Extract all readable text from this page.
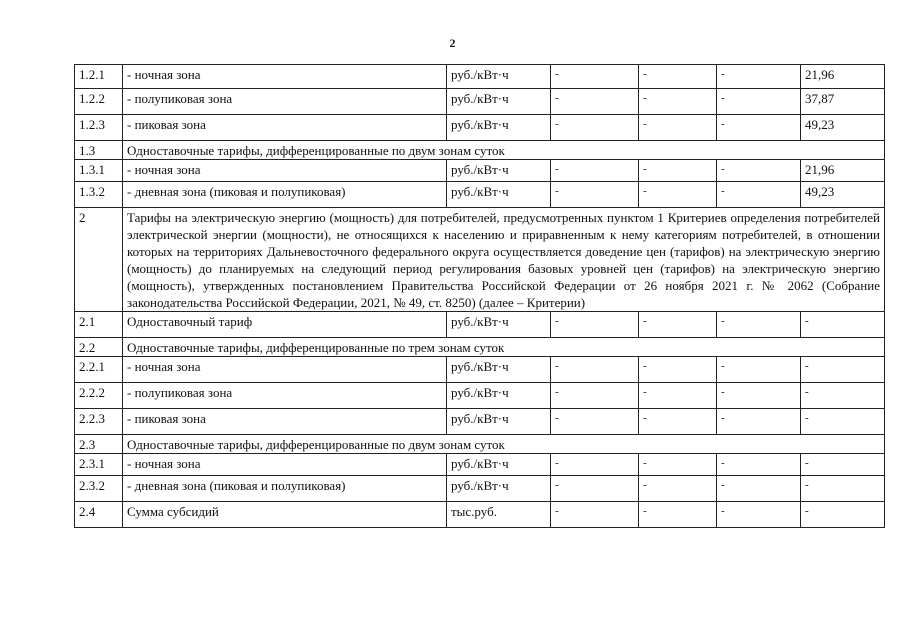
2
1.2.1	- ночная зона	руб./кВт·ч	-	-	-	21,96
1.2.2	- полупиковая зона	руб./кВт·ч	-	-	-	37,87
1.2.3	- пиковая зона	руб./кВт·ч	-	-	-	49,23
1.3	Одноставочные тарифы, дифференцированные по двум зонам суток					
1.3.1	- ночная зона	руб./кВт·ч	-	-	-	21,96
1.3.2	- дневная зона (пиковая и полупиковая)	руб./кВт·ч	-	-	-	49,23
2	Тарифы на электрическую энергию (мощность) для потребителей, предусмотренных пунктом 1 Критериев определения потребителей электрической энергии (мощности), не относящихся к населению и приравненным к нему категориям потребителей, в отношении которых на территориях Дальневосточного федерального округа осуществляется доведение цен (тарифов) на электрическую энергию (мощность) до планируемых на следующий период регулирования базовых уровней цен (тарифов) на электрическую энергию (мощность), утвержденных постановлением Правительства Российской Федерации от 26 ноября 2021 г. № 2062 (Собрание законодательства Российской Федерации, 2021, № 49, ст. 8250) (далее – Критерии)					
2.1	Одноставочный тариф	руб./кВт·ч	-	-	-	-
2.2	Одноставочные тарифы, дифференцированные по трем зонам суток					
2.2.1	- ночная зона	руб./кВт·ч	-	-	-	-
2.2.2	- полупиковая зона	руб./кВт·ч	-	-	-	-
2.2.3	- пиковая зона	руб./кВт·ч	-	-	-	-
2.3	Одноставочные тарифы, дифференцированные по двум зонам суток					
2.3.1	- ночная зона	руб./кВт·ч	-	-	-	-
2.3.2	- дневная зона (пиковая и полупиковая)	руб./кВт·ч	-	-	-	-
2.4	Сумма субсидий	тыс.руб.	-	-	-	-
